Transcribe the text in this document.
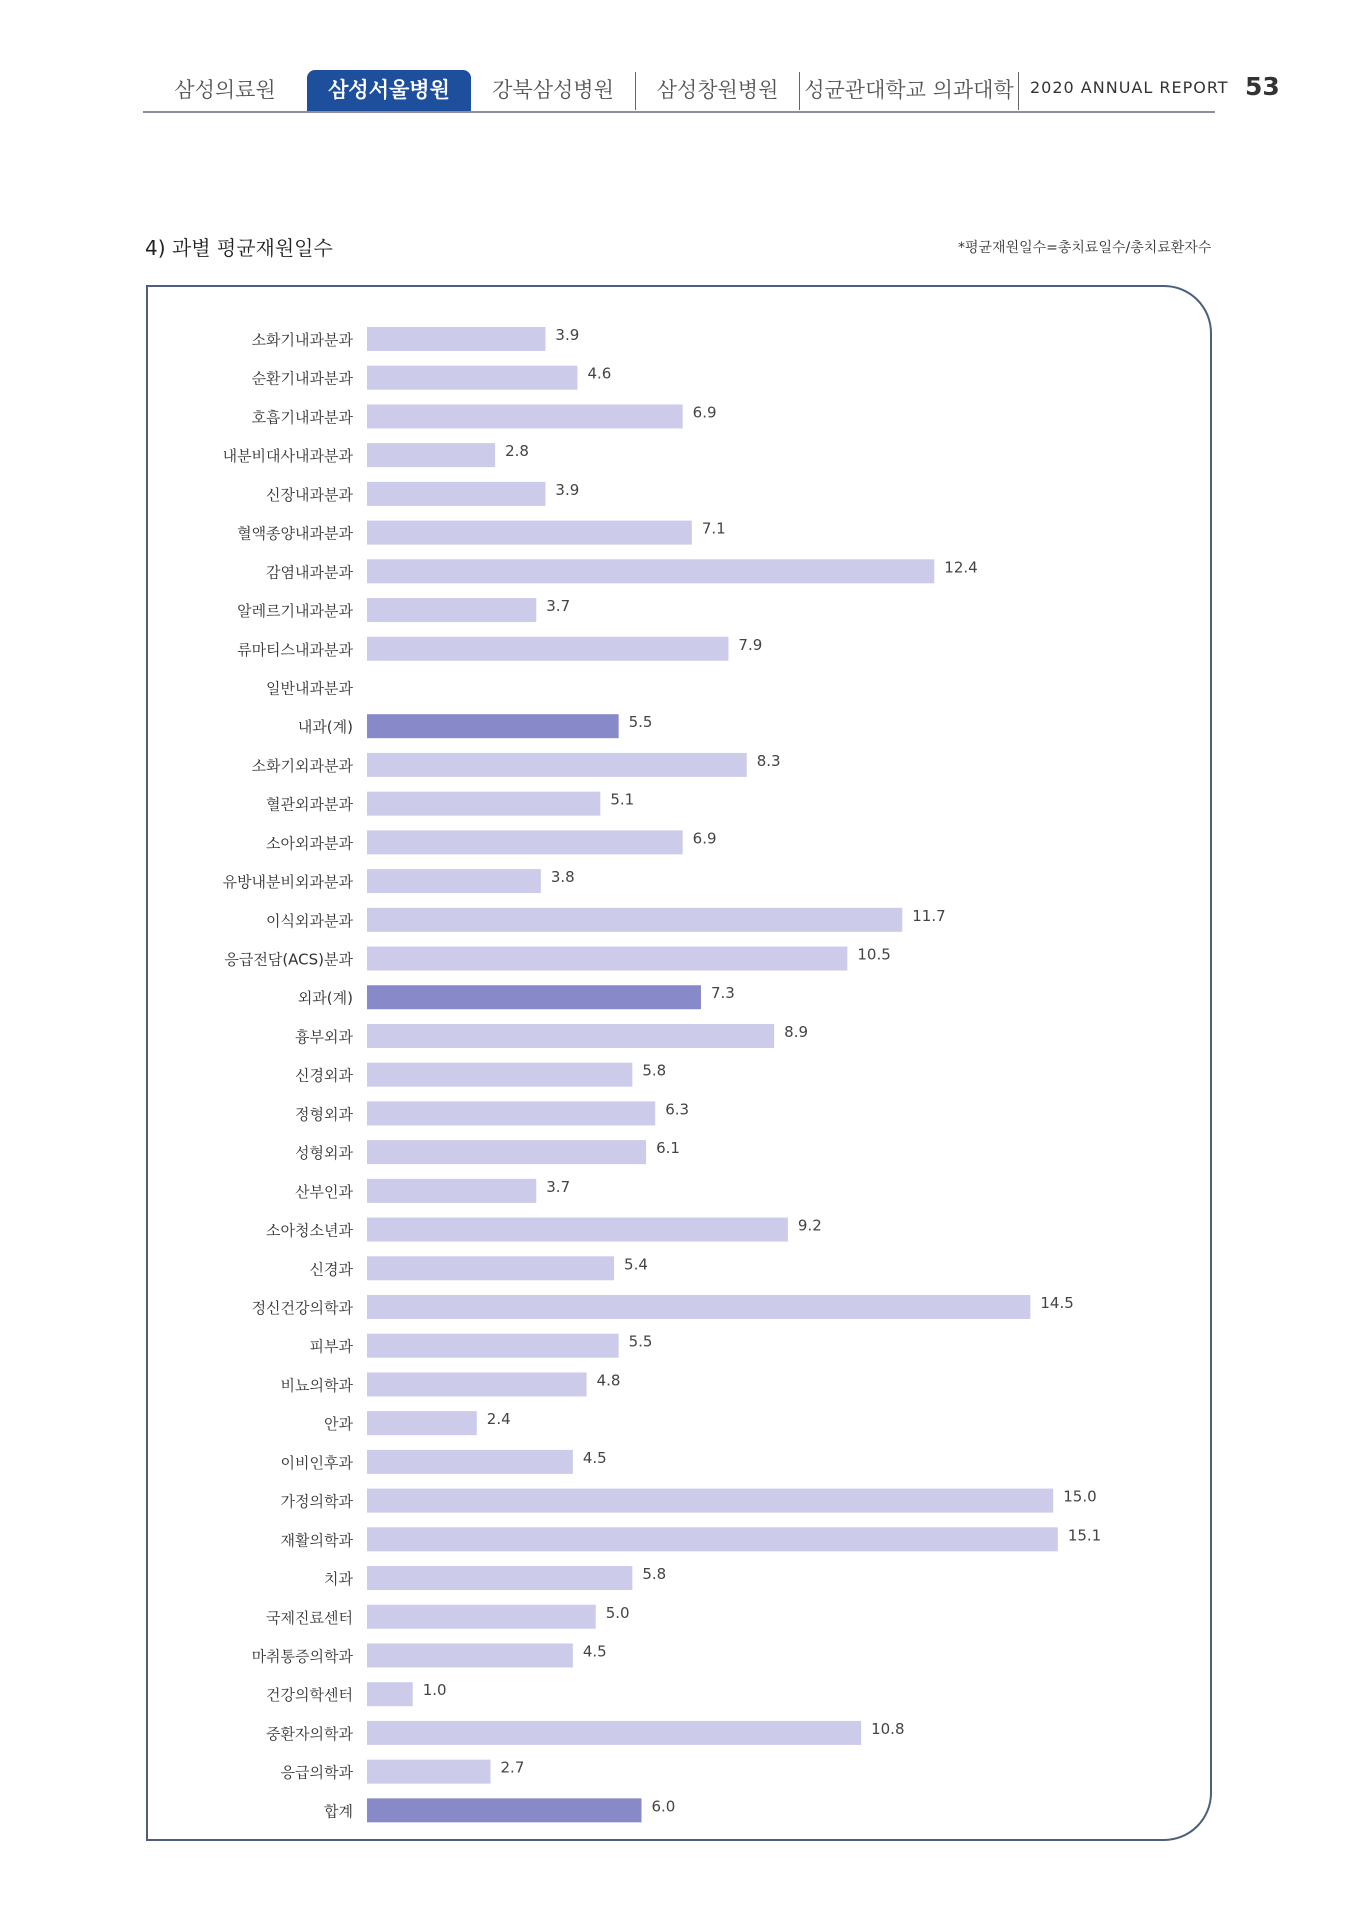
삼성의료원	삼성서울병원	강북삼성병원	삼성창원병원	성균관대학교 의과대학 2020 ANNUAL REPORT 53
4) 과별 평균재원일수	*평균재원일수=총치료일수/총치료환자수
소화기내과분과	3.9
순환기내과분과	4.6
호흡기내과분과	6.9
내분비대사내과분과	2.8
신장내과분과	3.9
혈액종양내과분과	7.1
감염내과분과	12.4
알레르기내과분과	3.7
류마티스내과분과	7.9
일반내과분과
내과(계)	5.5
소화기외과분과	8.3
혈관외과분과	5.1
소아외과분과	6.9
유방내분비외과분과	3.8
이식외과분과	11.7
응급전담(ACS)분과	10.5
외과(계)	7.3
흉부외과	8.9
신경외과	5.8
정형외과	6.3
성형외과	6.1
산부인과	3.7
소아청소년과	9.2
신경과	5.4
정신건강의학과	14.5
피부과	5.5
비뇨의학과	4.8
안과	2.4
이비인후과	4.5
가정의학과	15.0
재활의학과	15.1
치과	5.8
국제진료센터	5.0
마취통증의학과	4.5
건강의학센터	1.0
중환자의학과	10.8
응급의학과	2.7
합계	6.0
